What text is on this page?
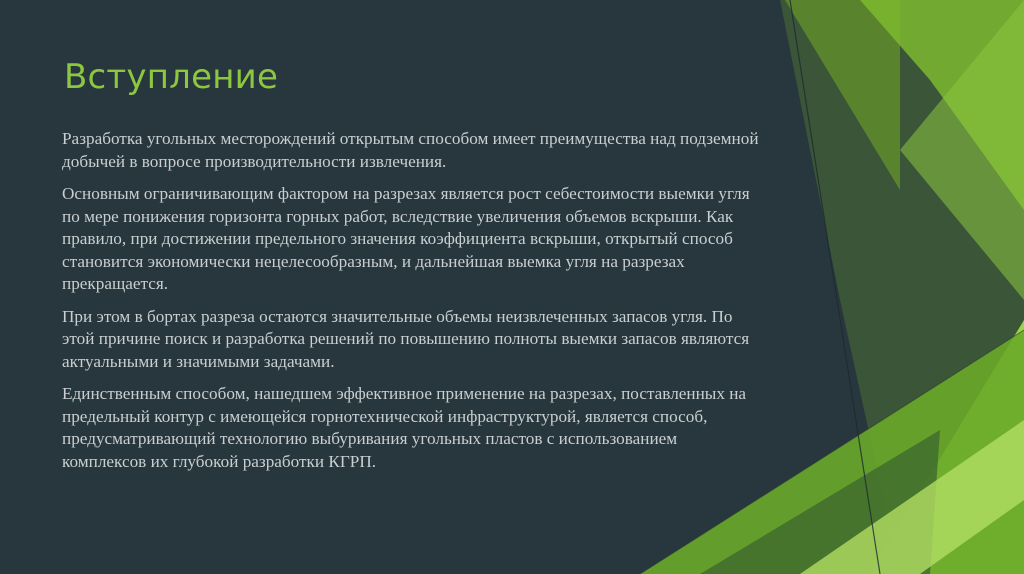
Вступление

Разработка угольных месторождений открытым способом имеет преимущества над подземной добычей в вопросе производительности извлечения.

Основным ограничивающим фактором на разрезах является рост себестоимости выемки угля по мере понижения горизонта горных работ, вследствие увеличения объемов вскрыши. Как правило, при достижении предельного значения коэффициента вскрыши, открытый способ становится экономически нецелесообразным, и дальнейшая выемка угля на разрезах прекращается.

При этом в бортах разреза остаются значительные объемы неизвлеченных запасов угля. По этой причине поиск и разработка решений по повышению полноты выемки запасов являются актуальными и значимыми задачами.

Единственным способом, нашедшем эффективное применение на разрезах, поставленных на предельный контур с имеющейся горнотехнической инфраструктурой, является способ, предусматривающий технологию выбуривания угольных пластов с использованием комплексов их глубокой разработки КГРП.
